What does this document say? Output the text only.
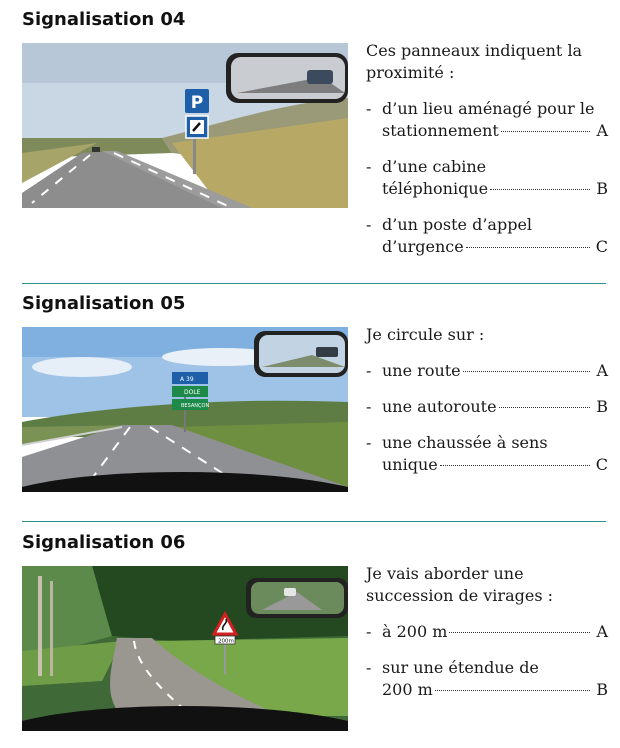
Signalisation 04
P
Ces panneaux indiquent la
proximité :
- d’un lieu aménagé pour le
stationnement	A
- d’une cabine
téléphonique	B
- d’un poste d’appel
d’urgence	C
Signalisation 05
A 39
DOLE
BESANÇON
Je circule sur :
- une route	A
- une autoroute	B
- une chaussée à sens
unique	C
Signalisation 06
200m
Je vais aborder une
succession de virages :
- à 200 m	A
- sur une étendue de
200 m	B
